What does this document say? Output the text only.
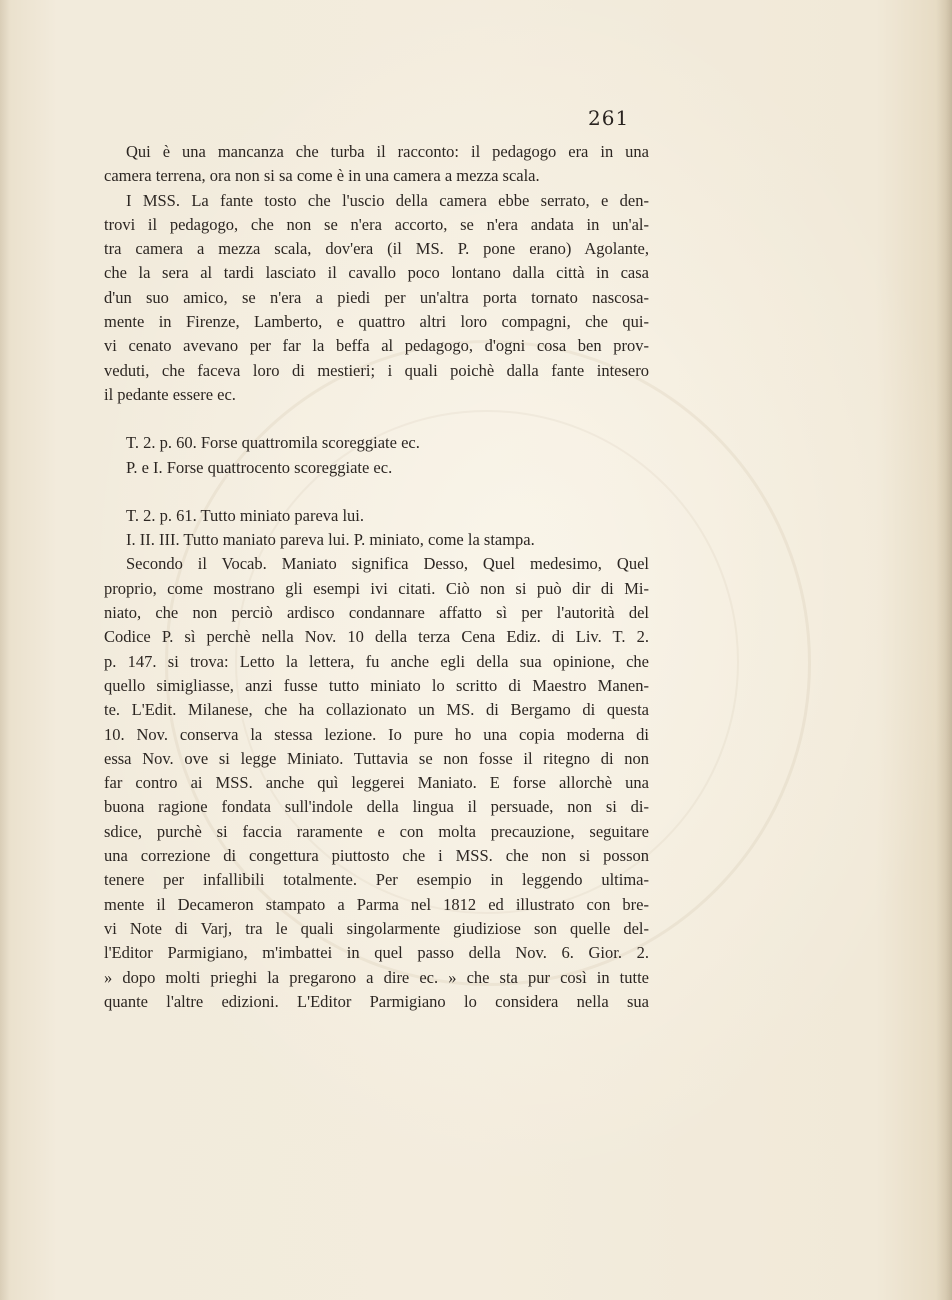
261
Qui è una mancanza che turba il racconto: il pedagogo era in una
camera terrena, ora non si sa come è in una camera a mezza scala.
I MSS. La fante tosto che l'uscio della camera ebbe serrato, e den-
trovi il pedagogo, che non se n'era accorto, se n'era andata in un'al-
tra camera a mezza scala, dov'era (il MS. P. pone erano) Agolante,
che la sera al tardi lasciato il cavallo poco lontano dalla città in casa
d'un suo amico, se n'era a piedi per un'altra porta tornato nascosa-
mente in Firenze, Lamberto, e quattro altri loro compagni, che qui-
vi cenato avevano per far la beffa al pedagogo, d'ogni cosa ben prov-
veduti, che faceva loro di mestieri; i quali poichè dalla fante intesero
il pedante essere ec.
T. 2. p. 60. Forse quattromila scoreggiate ec.
P. e I. Forse quattrocento scoreggiate ec.
T. 2. p. 61. Tutto miniato pareva lui.
I. II. III. Tutto maniato pareva lui. P. miniato, come la stampa.
Secondo il Vocab. Maniato significa Desso, Quel medesimo, Quel
proprio, come mostrano gli esempi ivi citati. Ciò non si può dir di Mi-
niato, che non perciò ardisco condannare affatto sì per l'autorità del
Codice P. sì perchè nella Nov. 10 della terza Cena Ediz. di Liv. T. 2.
p. 147. si trova: Letto la lettera, fu anche egli della sua opinione, che
quello simigliasse, anzi fusse tutto miniato lo scritto di Maestro Manen-
te. L'Edit. Milanese, che ha collazionato un MS. di Bergamo di questa
10. Nov. conserva la stessa lezione. Io pure ho una copia moderna di
essa Nov. ove si legge Miniato. Tuttavia se non fosse il ritegno di non
far contro ai MSS. anche quì leggerei Maniato. E forse allorchè una
buona ragione fondata sull'indole della lingua il persuade, non si di-
sdice, purchè si faccia raramente e con molta precauzione, seguitare
una correzione di congettura piuttosto che i MSS. che non si posson
tenere per infallibili totalmente. Per esempio in leggendo ultima-
mente il Decameron stampato a Parma nel 1812 ed illustrato con bre-
vi Note di Varj, tra le quali singolarmente giudiziose son quelle del-
l'Editor Parmigiano, m'imbattei in quel passo della Nov. 6. Gior. 2.
» dopo molti prieghi la pregarono a dire ec. » che sta pur così in tutte
quante l'altre edizioni. L'Editor Parmigiano lo considera nella sua
